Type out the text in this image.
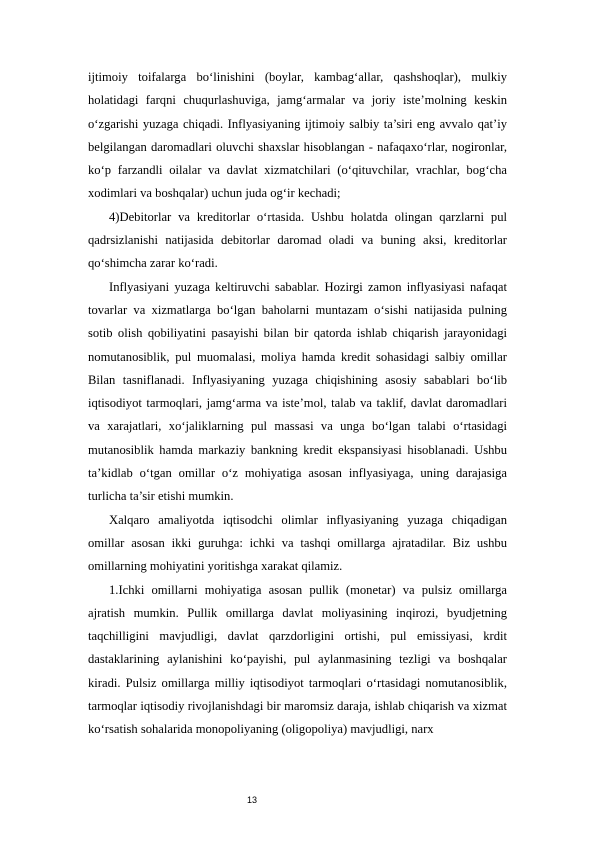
ijtimoiy toifalarga bo‘linishini (boylar, kambag‘allar, qashshoqlar), mulkiy holatidagi farqni chuqurlashuviga, jamg‘armalar va joriy iste’molning keskin o‘zgarishi yuzaga chiqadi. Inflyasiyaning ijtimoiy salbiy ta’siri eng avvalo qat’iy belgilangan daromadlari oluvchi shaxslar hisoblangan - nafaqaxo‘rlar, nogironlar, ko‘p farzandli oilalar va davlat xizmatchilari (o‘qituvchilar, vrachlar, bog‘cha xodimlari va boshqalar) uchun juda og‘ir kechadi;

4)Debitorlar va kreditorlar o‘rtasida. Ushbu holatda olingan qarzlarni pul qadrsizlanishi natijasida debitorlar daromad oladi va buning aksi, kreditorlar qo‘shimcha zarar ko‘radi.

Inflyasiyani yuzaga keltiruvchi sabablar. Hozirgi zamon inflyasiyasi nafaqat tovarlar va xizmatlarga bo‘lgan baholarni muntazam o‘sishi natijasida pulning sotib olish qobiliyatini pasayishi bilan bir qatorda ishlab chiqarish jarayonidagi nomutanosiblik, pul muomalasi, moliya hamda kredit sohasidagi salbiy omillar Bilan tasniflanadi. Inflyasiyaning yuzaga chiqishining asosiy sabablari bo‘lib iqtisodiyot tarmoqlari, jamg‘arma va iste’mol, talab va taklif, davlat daromadlari va xarajatlari, xo‘jaliklarning pul massasi va unga bo‘lgan talabi o‘rtasidagi mutanosiblik hamda markaziy bankning kredit ekspansiyasi hisoblanadi. Ushbu ta’kidlab o‘tgan omillar o‘z mohiyatiga asosan inflyasiyaga, uning darajasiga turlicha ta’sir etishi mumkin.

Xalqaro amaliyotda iqtisodchi olimlar inflyasiyaning yuzaga chiqadigan omillar asosan ikki guruhga: ichki va tashqi omillarga ajratadilar. Biz ushbu omillarning mohiyatini yoritishga xarakat qilamiz.

1.Ichki omillarni mohiyatiga asosan pullik (monetar) va pulsiz omillarga ajratish mumkin. Pullik omillarga davlat moliyasining inqirozi, byudjetning taqchilligini mavjudligi, davlat qarzdorligini ortishi, pul emissiyasi, krdit dastaklarining aylanishini ko‘payishi, pul aylanmasining tezligi va boshqalar kiradi. Pulsiz omillarga milliy iqtisodiyot tarmoqlari o‘rtasidagi nomutanosiblik, tarmoqlar iqtisodiy rivojlanishdagi bir maromsiz daraja, ishlab chiqarish va xizmat ko‘rsatish sohalarida monopoliyaning (oligopoliya) mavjudligi, narx

13
